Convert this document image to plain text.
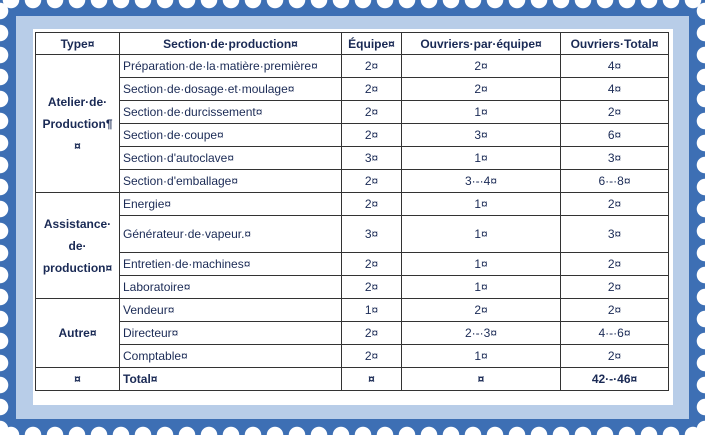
Type¤	Section·de·production¤	Équipe¤	Ouvriers·par·équipe¤	Ouvriers·Total¤
Atelier·de· Production¶ ¤	Préparation·de·la·matière·première¤	2¤	2¤	4¤
	Section·de·dosage·et·moulage¤	2¤	2¤	4¤
	Section·de·durcissement¤	2¤	1¤	2¤
	Section·de·coupe¤	2¤	3¤	6¤
	Section·d'autoclave¤	3¤	1¤	3¤
	Section·d'emballage¤	2¤	3·-·4¤	6·-·8¤
Assistance· de· production¤	Energie¤	2¤	1¤	2¤
	Générateur·de·vapeur.¤	3¤	1¤	3¤
	Entretien·de·machines¤	2¤	1¤	2¤
	Laboratoire¤	2¤	1¤	2¤
Autre¤	Vendeur¤	1¤	2¤	2¤
	Directeur¤	2¤	2·-·3¤	4·-·6¤
	Comptable¤	2¤	1¤	2¤
¤	Total¤	¤	¤	42·-·46¤
